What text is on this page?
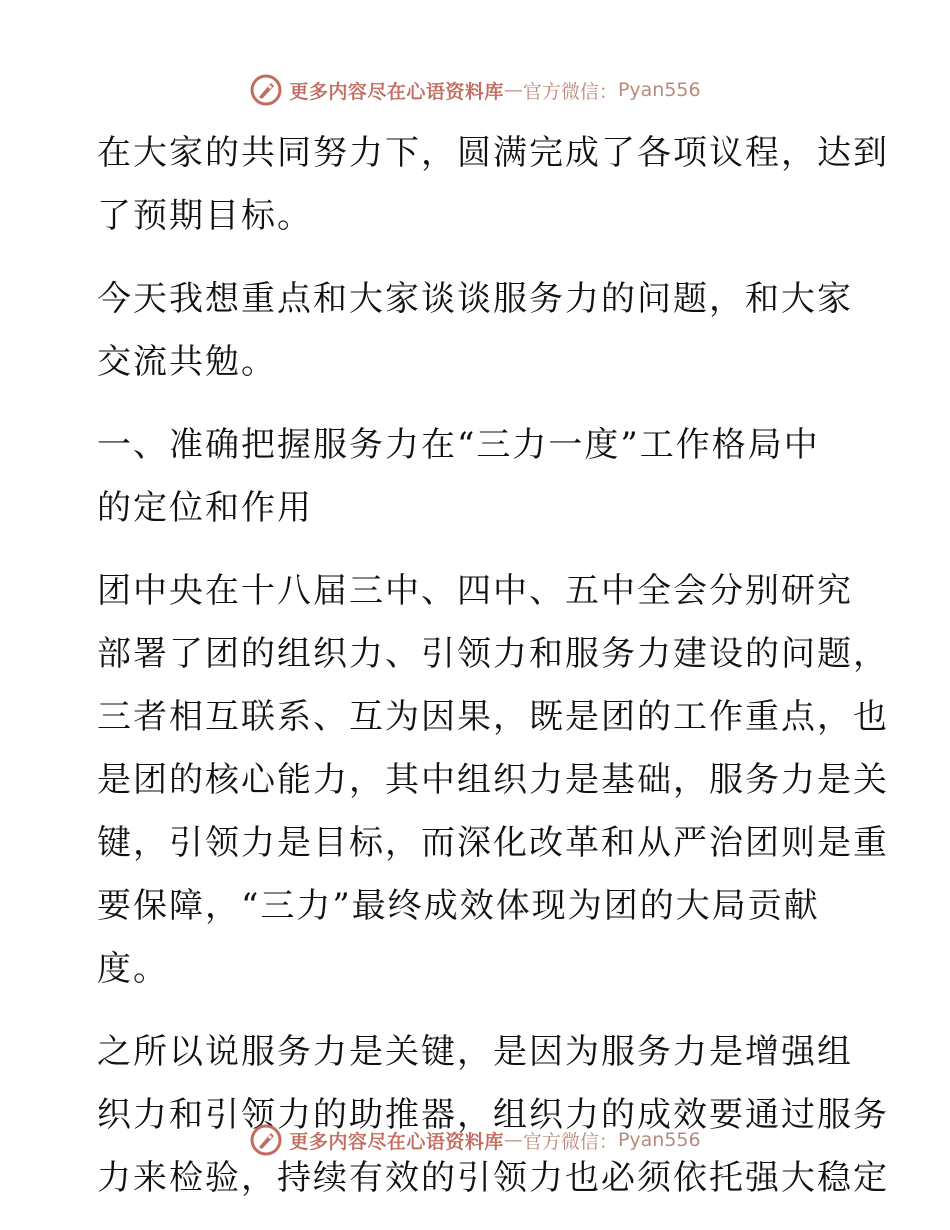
更多内容尽在心语资料库 — 官方微信： Pyan556

在大家的共同努力下，圆满完成了各项议程，达到
了预期目标。

今天我想重点和大家谈谈服务力的问题，和大家
交流共勉。

一、准确把握服务力在“三力一度”工作格局中
的定位和作用

团中央在十八届三中、四中、五中全会分别研究
部署了团的组织力、引领力和服务力建设的问题，
三者相互联系、互为因果，既是团的工作重点，也
是团的核心能力，其中组织力是基础，服务力是关
键，引领力是目标，而深化改革和从严治团则是重
要保障，“三力”最终成效体现为团的大局贡献
度。

之所以说服务力是关键，是因为服务力是增强组
织力和引领力的助推器，组织力的成效要通过服务
力来检验，持续有效的引领力也必须依托强大稳定

更多内容尽在心语资料库 — 官方微信： Pyan556
